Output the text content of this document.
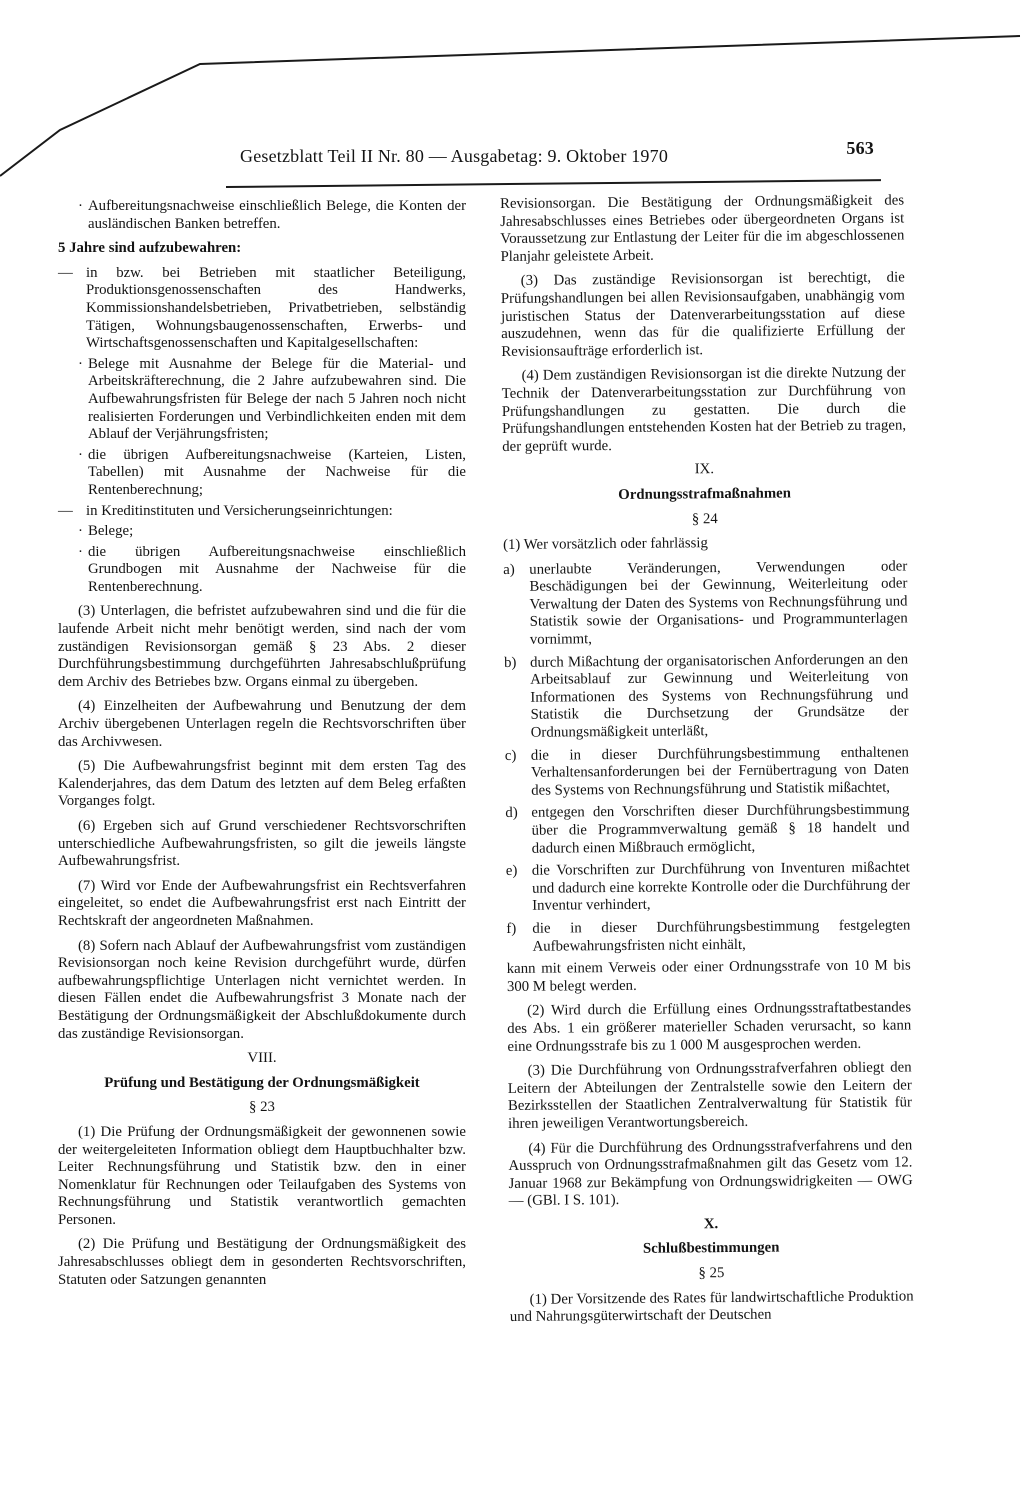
Gesetzblatt Teil II Nr. 80 — Ausgabetag: 9. Oktober 1970	563
· Aufbereitungsnachweise einschließlich Belege, die Konten der ausländischen Banken betreffen.

5 Jahre sind aufzubewahren:

— in bzw. bei Betrieben mit staatlicher Beteiligung, Produktionsgenossenschaften des Handwerks, Kommissionshandelsbetrieben, Privatbetrieben, selbständig Tätigen, Wohnungsbaugenossenschaften, Erwerbs- und Wirtschaftsgenossenschaften und Kapitalgesellschaften:
· Belege mit Ausnahme der Belege für die Material- und Arbeitskräfterechnung, die 2 Jahre aufzubewahren sind. Die Aufbewahrungsfristen für Belege der nach 5 Jahren noch nicht realisierten Forderungen und Verbindlichkeiten enden mit dem Ablauf der Verjährungsfristen;
· die übrigen Aufbereitungsnachweise (Karteien, Listen, Tabellen) mit Ausnahme der Nachweise für die Rentenberechnung;
— in Kreditinstituten und Versicherungseinrichtungen:
· Belege;
· die übrigen Aufbereitungsnachweise einschließlich Grundbogen mit Ausnahme der Nachweise für die Rentenberechnung.

(3) Unterlagen, die befristet aufzubewahren sind und die für die laufende Arbeit nicht mehr benötigt werden, sind nach der vom zuständigen Revisionsorgan gemäß § 23 Abs. 2 dieser Durchführungsbestimmung durchgeführten Jahresabschlußprüfung dem Archiv des Betriebes bzw. Organs einmal zu übergeben.

(4) Einzelheiten der Aufbewahrung und Benutzung der dem Archiv übergebenen Unterlagen regeln die Rechtsvorschriften über das Archivwesen.

(5) Die Aufbewahrungsfrist beginnt mit dem ersten Tag des Kalenderjahres, das dem Datum des letzten auf dem Beleg erfaßten Vorganges folgt.

(6) Ergeben sich auf Grund verschiedener Rechtsvorschriften unterschiedliche Aufbewahrungsfristen, so gilt die jeweils längste Aufbewahrungsfrist.

(7) Wird vor Ende der Aufbewahrungsfrist ein Rechtsverfahren eingeleitet, so endet die Aufbewahrungsfrist erst nach Eintritt der Rechtskraft der angeordneten Maßnahmen.

(8) Sofern nach Ablauf der Aufbewahrungsfrist vom zuständigen Revisionsorgan noch keine Revision durchgeführt wurde, dürfen aufbewahrungspflichtige Unterlagen nicht vernichtet werden. In diesen Fällen endet die Aufbewahrungsfrist 3 Monate nach der Bestätigung der Ordnungsmäßigkeit der Abschlußdokumente durch das zuständige Revisionsorgan.

VIII.

Prüfung und Bestätigung der Ordnungsmäßigkeit

§ 23

(1) Die Prüfung der Ordnungsmäßigkeit der gewonnenen sowie der weitergeleiteten Information obliegt dem Hauptbuchhalter bzw. Leiter Rechnungsführung und Statistik bzw. den in einer Nomenklatur für Rechnungen oder Teilaufgaben des Systems von Rechnungsführung und Statistik verantwortlich gemachten Personen.

(2) Die Prüfung und Bestätigung der Ordnungsmäßigkeit des Jahresabschlusses obliegt dem in gesonderten Rechtsvorschriften, Statuten oder Satzungen genannten

Revisionsorgan. Die Bestätigung der Ordnungsmäßigkeit des Jahresabschlusses eines Betriebes oder übergeordneten Organs ist Voraussetzung zur Entlastung der Leiter für die im abgeschlossenen Planjahr geleistete Arbeit.

(3) Das zuständige Revisionsorgan ist berechtigt, die Prüfungshandlungen bei allen Revisionsaufgaben, unabhängig vom juristischen Status der Datenverarbeitungsstation auf diese auszudehnen, wenn das für die qualifizierte Erfüllung der Revisionsaufträge erforderlich ist.

(4) Dem zuständigen Revisionsorgan ist die direkte Nutzung der Technik der Datenverarbeitungsstation zur Durchführung von Prüfungshandlungen zu gestatten. Die durch die Prüfungshandlungen entstehenden Kosten hat der Betrieb zu tragen, der geprüft wurde.

IX.

Ordnungsstrafmaßnahmen

§ 24

(1) Wer vorsätzlich oder fahrlässig

a) unerlaubte Veränderungen, Verwendungen oder Beschädigungen bei der Gewinnung, Weiterleitung oder Verwaltung der Daten des Systems von Rechnungsführung und Statistik sowie der Organisations- und Programmunterlagen vornimmt,
b) durch Mißachtung der organisatorischen Anforderungen an den Arbeitsablauf zur Gewinnung und Weiterleitung von Informationen des Systems von Rechnungsführung und Statistik die Durchsetzung der Grundsätze der Ordnungsmäßigkeit unterläßt,
c) die in dieser Durchführungsbestimmung enthaltenen Verhaltensanforderungen bei der Fernübertragung von Daten des Systems von Rechnungsführung und Statistik mißachtet,
d) entgegen den Vorschriften dieser Durchführungsbestimmung über die Programmverwaltung gemäß § 18 handelt und dadurch einen Mißbrauch ermöglicht,
e) die Vorschriften zur Durchführung von Inventuren mißachtet und dadurch eine korrekte Kontrolle oder die Durchführung der Inventur verhindert,
f) die in dieser Durchführungsbestimmung festgelegten Aufbewahrungsfristen nicht einhält,

kann mit einem Verweis oder einer Ordnungsstrafe von 10 M bis 300 M belegt werden.

(2) Wird durch die Erfüllung eines Ordnungsstraftatbestandes des Abs. 1 ein größerer materieller Schaden verursacht, so kann eine Ordnungsstrafe bis zu 1 000 M ausgesprochen werden.

(3) Die Durchführung von Ordnungsstrafverfahren obliegt den Leitern der Abteilungen der Zentralstelle sowie den Leitern der Bezirksstellen der Staatlichen Zentralverwaltung für Statistik für ihren jeweiligen Verantwortungsbereich.

(4) Für die Durchführung des Ordnungsstrafverfahrens und den Ausspruch von Ordnungsstrafmaßnahmen gilt das Gesetz vom 12. Januar 1968 zur Bekämpfung von Ordnungswidrigkeiten — OWG — (GBl. I S. 101).

X.

Schlußbestimmungen

§ 25

(1) Der Vorsitzende des Rates für landwirtschaftliche Produktion und Nahrungsgüterwirtschaft der Deutschen
